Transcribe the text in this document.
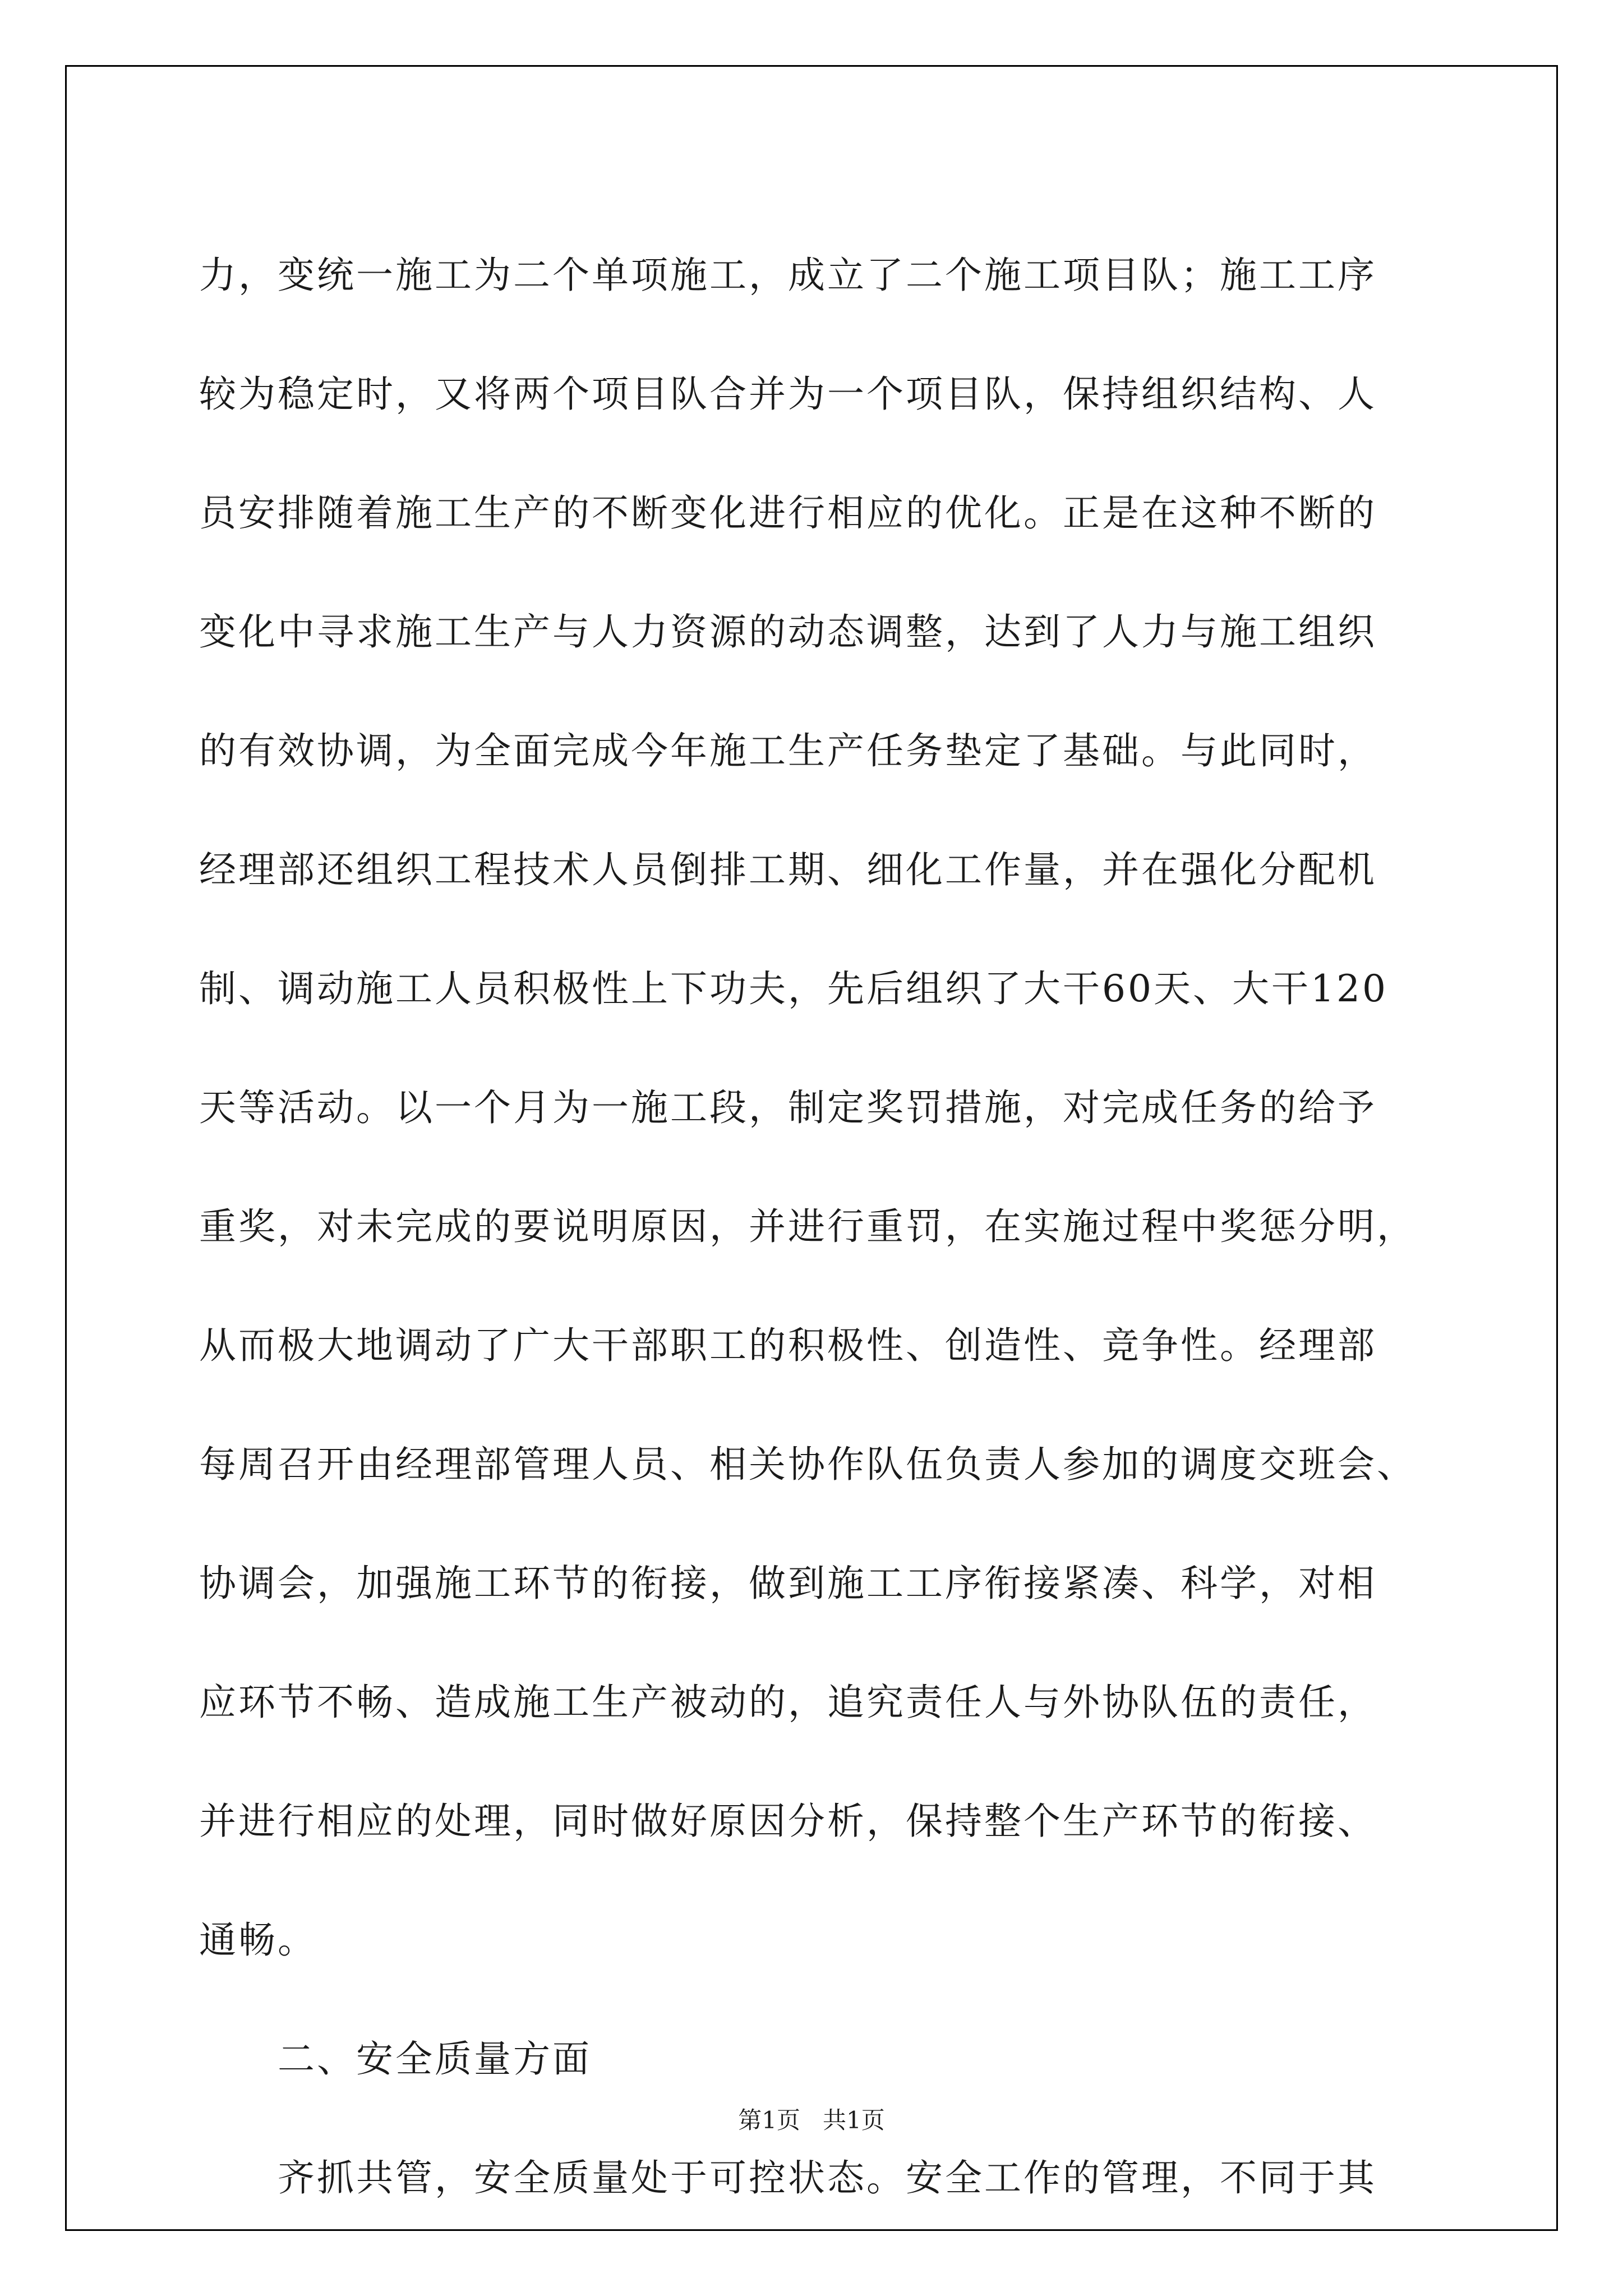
力，变统一施工为二个单项施工，成立了二个施工项目队；施工工序
较为稳定时，又将两个项目队合并为一个项目队，保持组织结构、人
员安排随着施工生产的不断变化进行相应的优化。正是在这种不断的
变化中寻求施工生产与人力资源的动态调整，达到了人力与施工组织
的有效协调，为全面完成今年施工生产任务垫定了基础。与此同时，
经理部还组织工程技术人员倒排工期、细化工作量，并在强化分配机
制、调动施工人员积极性上下功夫，先后组织了大干60天、大干120
天等活动。以一个月为一施工段，制定奖罚措施，对完成任务的给予
重奖，对未完成的要说明原因，并进行重罚，在实施过程中奖惩分明，
从而极大地调动了广大干部职工的积极性、创造性、竞争性。经理部
每周召开由经理部管理人员、相关协作队伍负责人参加的调度交班会、
协调会，加强施工环节的衔接，做到施工工序衔接紧凑、科学，对相
应环节不畅、造成施工生产被动的，追究责任人与外协队伍的责任，
并进行相应的处理，同时做好原因分析，保持整个生产环节的衔接、
通畅。
二、安全质量方面
齐抓共管，安全质量处于可控状态。安全工作的管理，不同于其
第1页   共1页
